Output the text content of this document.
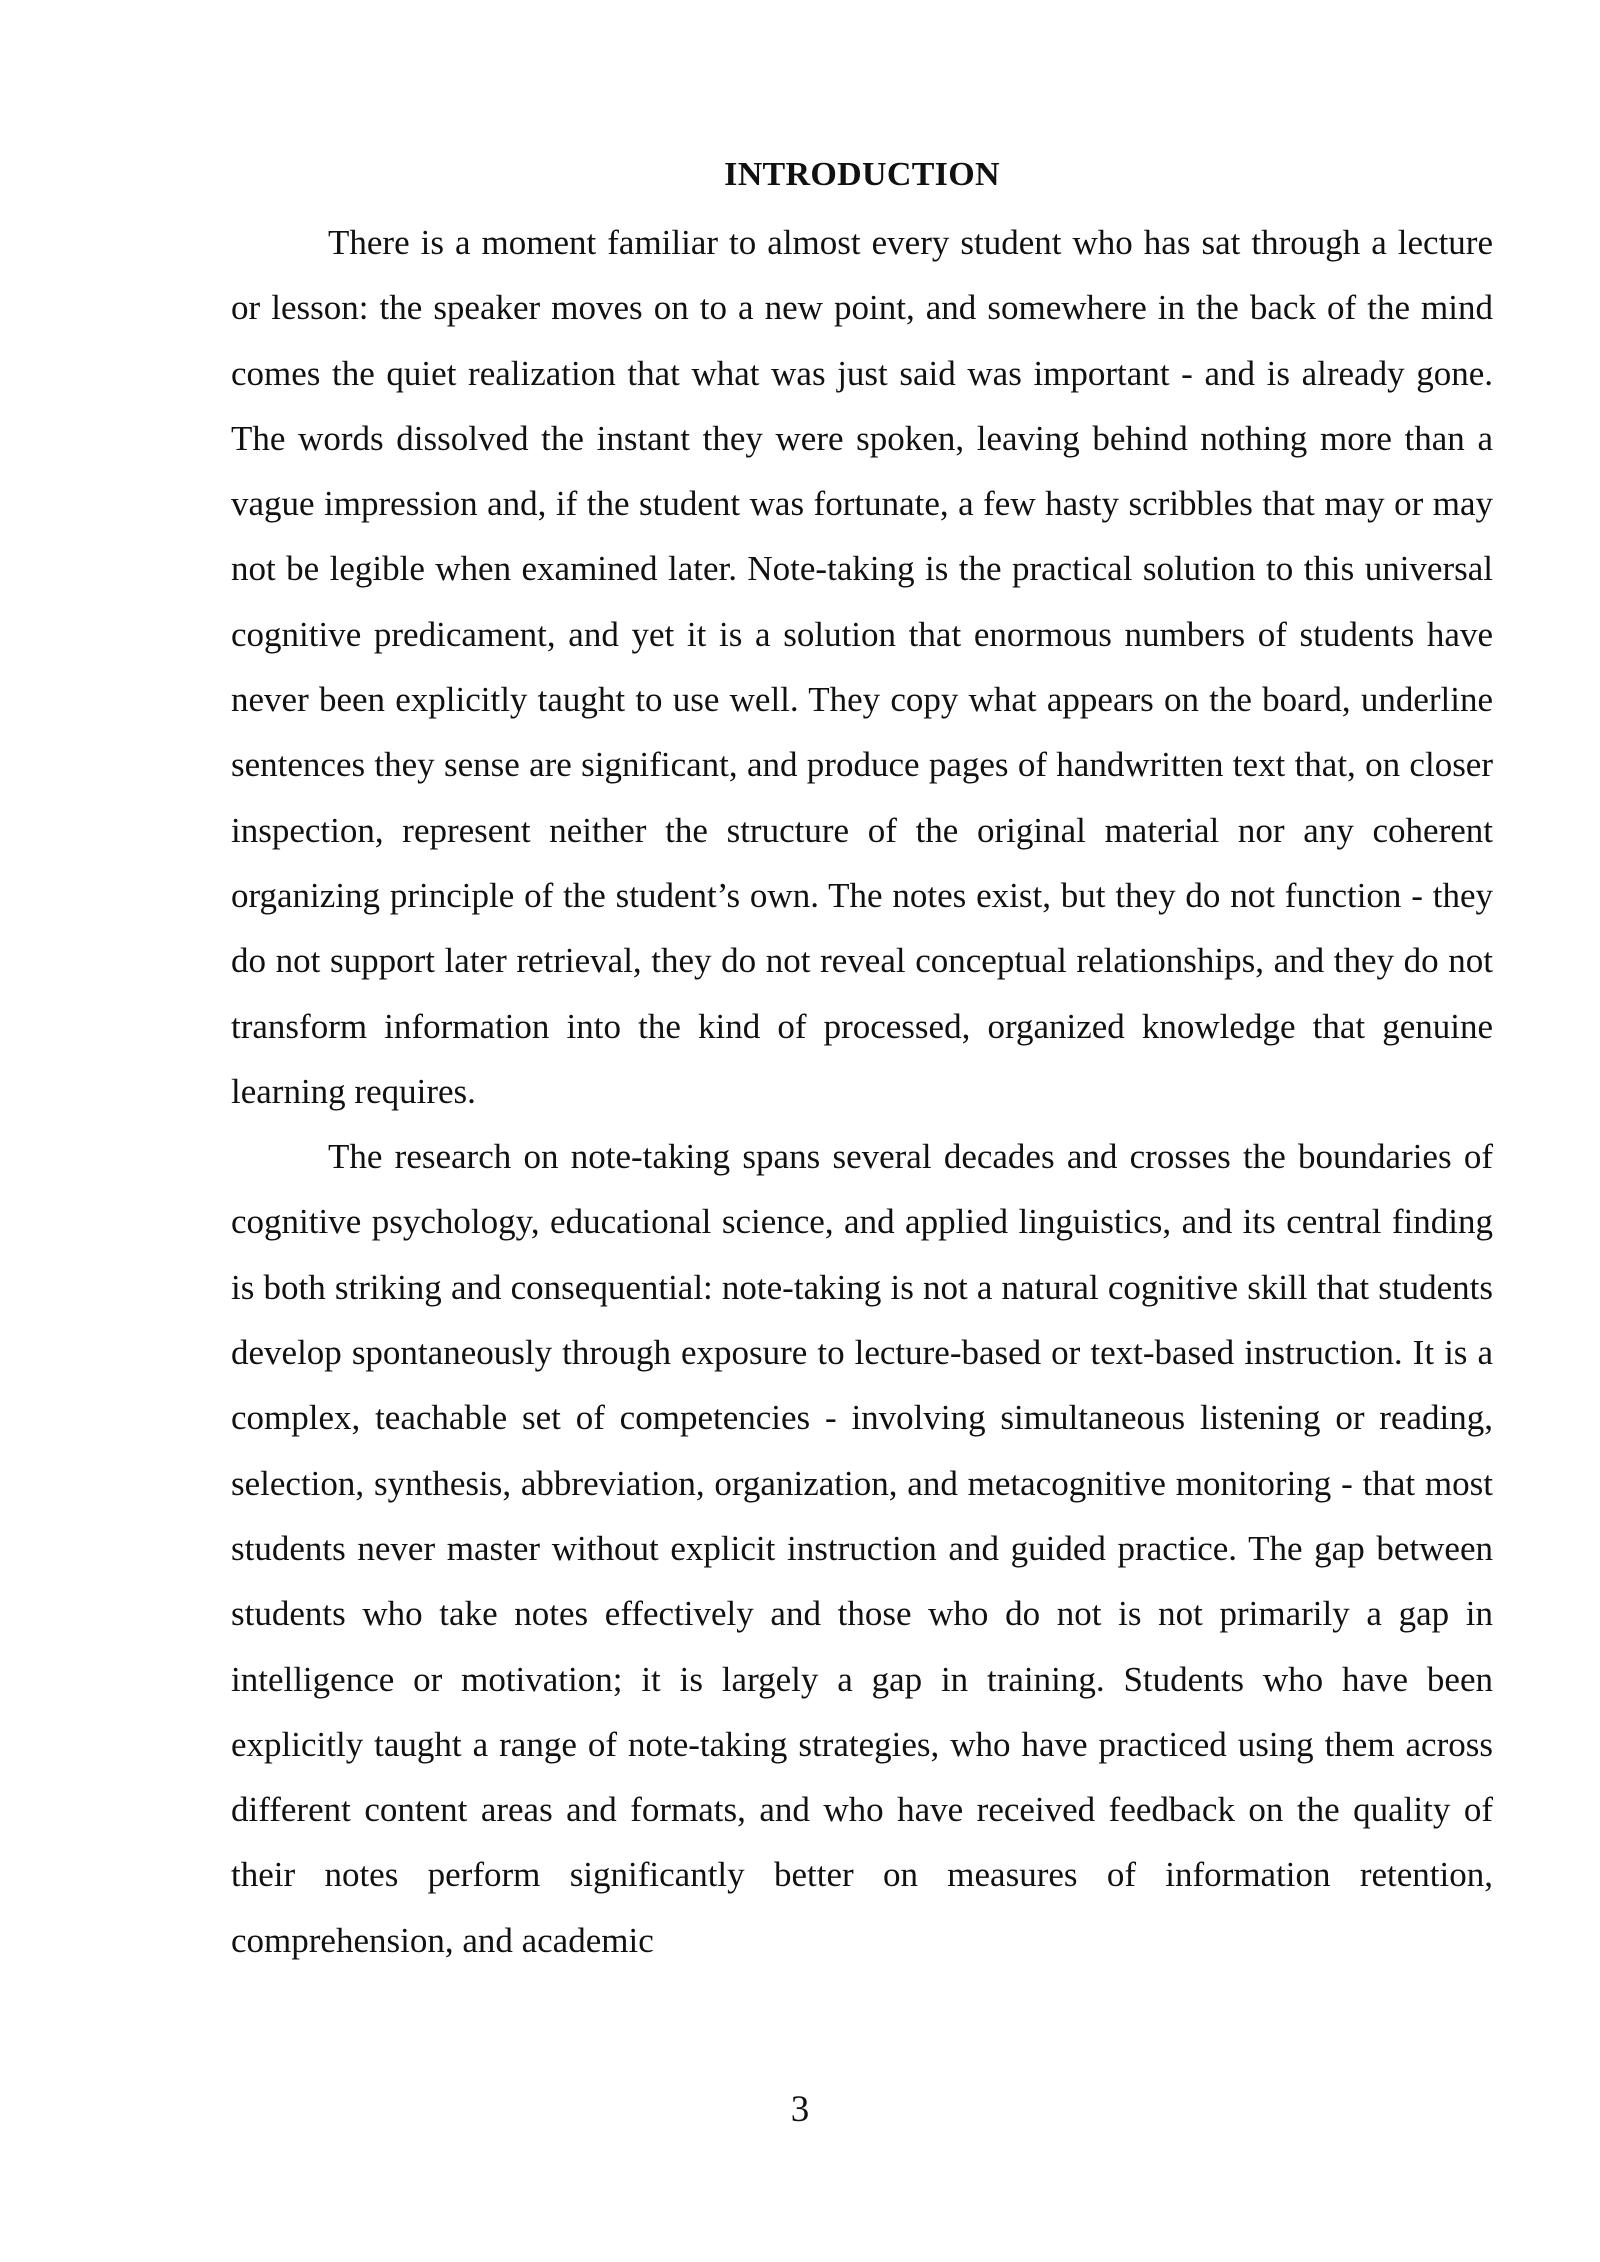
INTRODUCTION

There is a moment familiar to almost every student who has sat through a lecture or lesson: the speaker moves on to a new point, and somewhere in the back of the mind comes the quiet realization that what was just said was important - and is already gone. The words dissolved the instant they were spoken, leaving behind nothing more than a vague impression and, if the student was fortunate, a few hasty scribbles that may or may not be legible when examined later. Note-taking is the practical solution to this universal cognitive predicament, and yet it is a solution that enormous numbers of students have never been explicitly taught to use well. They copy what appears on the board, underline sentences they sense are significant, and produce pages of handwritten text that, on closer inspection, represent neither the structure of the original material nor any coherent organizing principle of the student’s own. The notes exist, but they do not function - they do not support later retrieval, they do not reveal conceptual relationships, and they do not transform information into the kind of processed, organized knowledge that genuine learning requires.

The research on note-taking spans several decades and crosses the boundaries of cognitive psychology, educational science, and applied linguistics, and its central finding is both striking and consequential: note-taking is not a natural cognitive skill that students develop spontaneously through exposure to lecture-based or text-based instruction. It is a complex, teachable set of competencies - involving simultaneous listening or reading, selection, synthesis, abbreviation, organization, and metacognitive monitoring - that most students never master without explicit instruction and guided practice. The gap between students who take notes effectively and those who do not is not primarily a gap in intelligence or motivation; it is largely a gap in training. Students who have been explicitly taught a range of note-taking strategies, who have practiced using them across different content areas and formats, and who have received feedback on the quality of their notes perform significantly better on measures of information retention, comprehension, and academic

3
